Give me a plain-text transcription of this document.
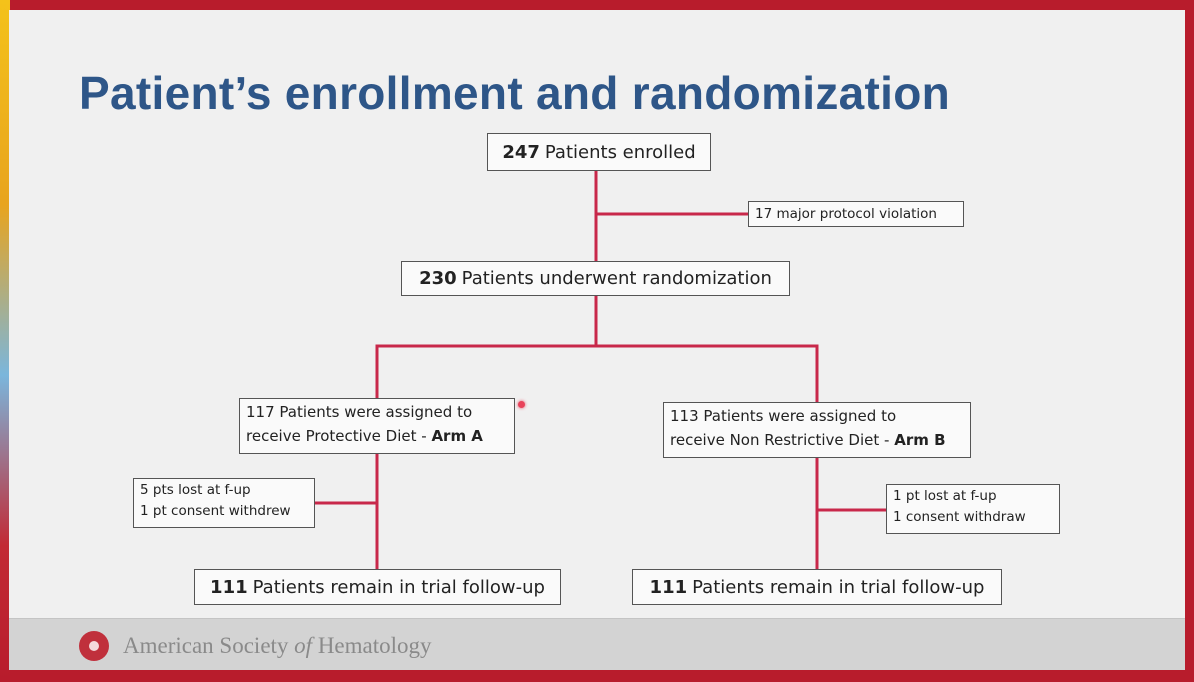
Patient’s enrollment and randomization
247 Patients enrolled
17 major protocol violation
230 Patients underwent randomization
117 Patients were assigned to
receive Protective Diet - Arm A
113 Patients were assigned to
receive Non Restrictive Diet - Arm B
5 pts lost at f-up
1 pt consent withdrew
1 pt lost at f-up
1 consent withdraw
111 Patients remain in trial follow-up	111 Patients remain in trial follow-up
American Society of Hematology
